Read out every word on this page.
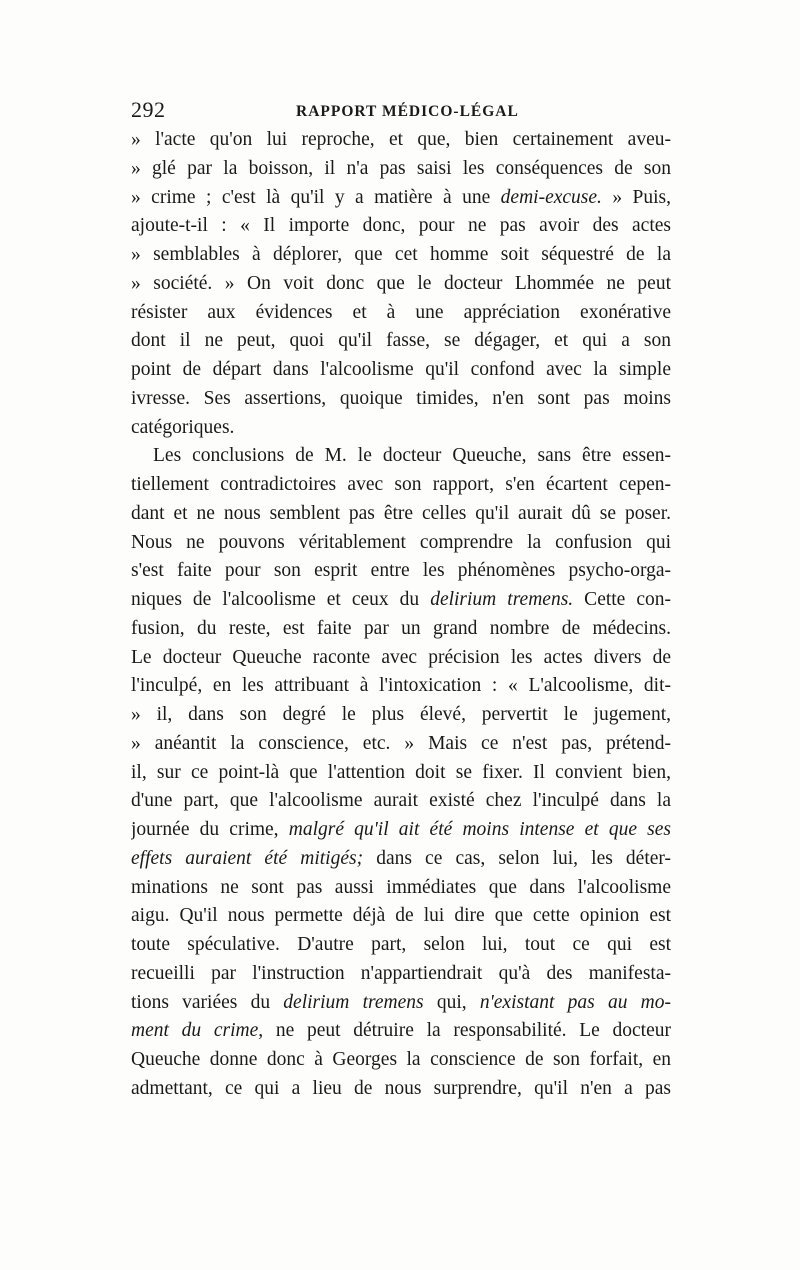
292	RAPPORT MÉDICO-LÉGAL
» l'acte qu'on lui reproche, et que, bien certainement aveu-
» glé par la boisson, il n'a pas saisi les conséquences de son
» crime ; c'est là qu'il y a matière à une demi-excuse. » Puis,
ajoute-t-il : « Il importe donc, pour ne pas avoir des actes
» semblables à déplorer, que cet homme soit séquestré de la
» société. » On voit donc que le docteur Lhommée ne peut
résister aux évidences et à une appréciation exonérative
dont il ne peut, quoi qu'il fasse, se dégager, et qui a son
point de départ dans l'alcoolisme qu'il confond avec la simple
ivresse. Ses assertions, quoique timides, n'en sont pas moins
catégoriques.
Les conclusions de M. le docteur Queuche, sans être essen-
tiellement contradictoires avec son rapport, s'en écartent cepen-
dant et ne nous semblent pas être celles qu'il aurait dû se poser.
Nous ne pouvons véritablement comprendre la confusion qui
s'est faite pour son esprit entre les phénomènes psycho-orga-
niques de l'alcoolisme et ceux du delirium tremens. Cette con-
fusion, du reste, est faite par un grand nombre de médecins.
Le docteur Queuche raconte avec précision les actes divers de
l'inculpé, en les attribuant à l'intoxication : « L'alcoolisme, dit-
» il, dans son degré le plus élevé, pervertit le jugement,
» anéantit la conscience, etc. » Mais ce n'est pas, prétend-
il, sur ce point-là que l'attention doit se fixer. Il convient bien,
d'une part, que l'alcoolisme aurait existé chez l'inculpé dans la
journée du crime, malgré qu'il ait été moins intense et que ses
effets auraient été mitigés; dans ce cas, selon lui, les déter-
minations ne sont pas aussi immédiates que dans l'alcoolisme
aigu. Qu'il nous permette déjà de lui dire que cette opinion est
toute spéculative. D'autre part, selon lui, tout ce qui est
recueilli par l'instruction n'appartiendrait qu'à des manifesta-
tions variées du delirium tremens qui, n'existant pas au mo-
ment du crime, ne peut détruire la responsabilité. Le docteur
Queuche donne donc à Georges la conscience de son forfait, en
admettant, ce qui a lieu de nous surprendre, qu'il n'en a pas
